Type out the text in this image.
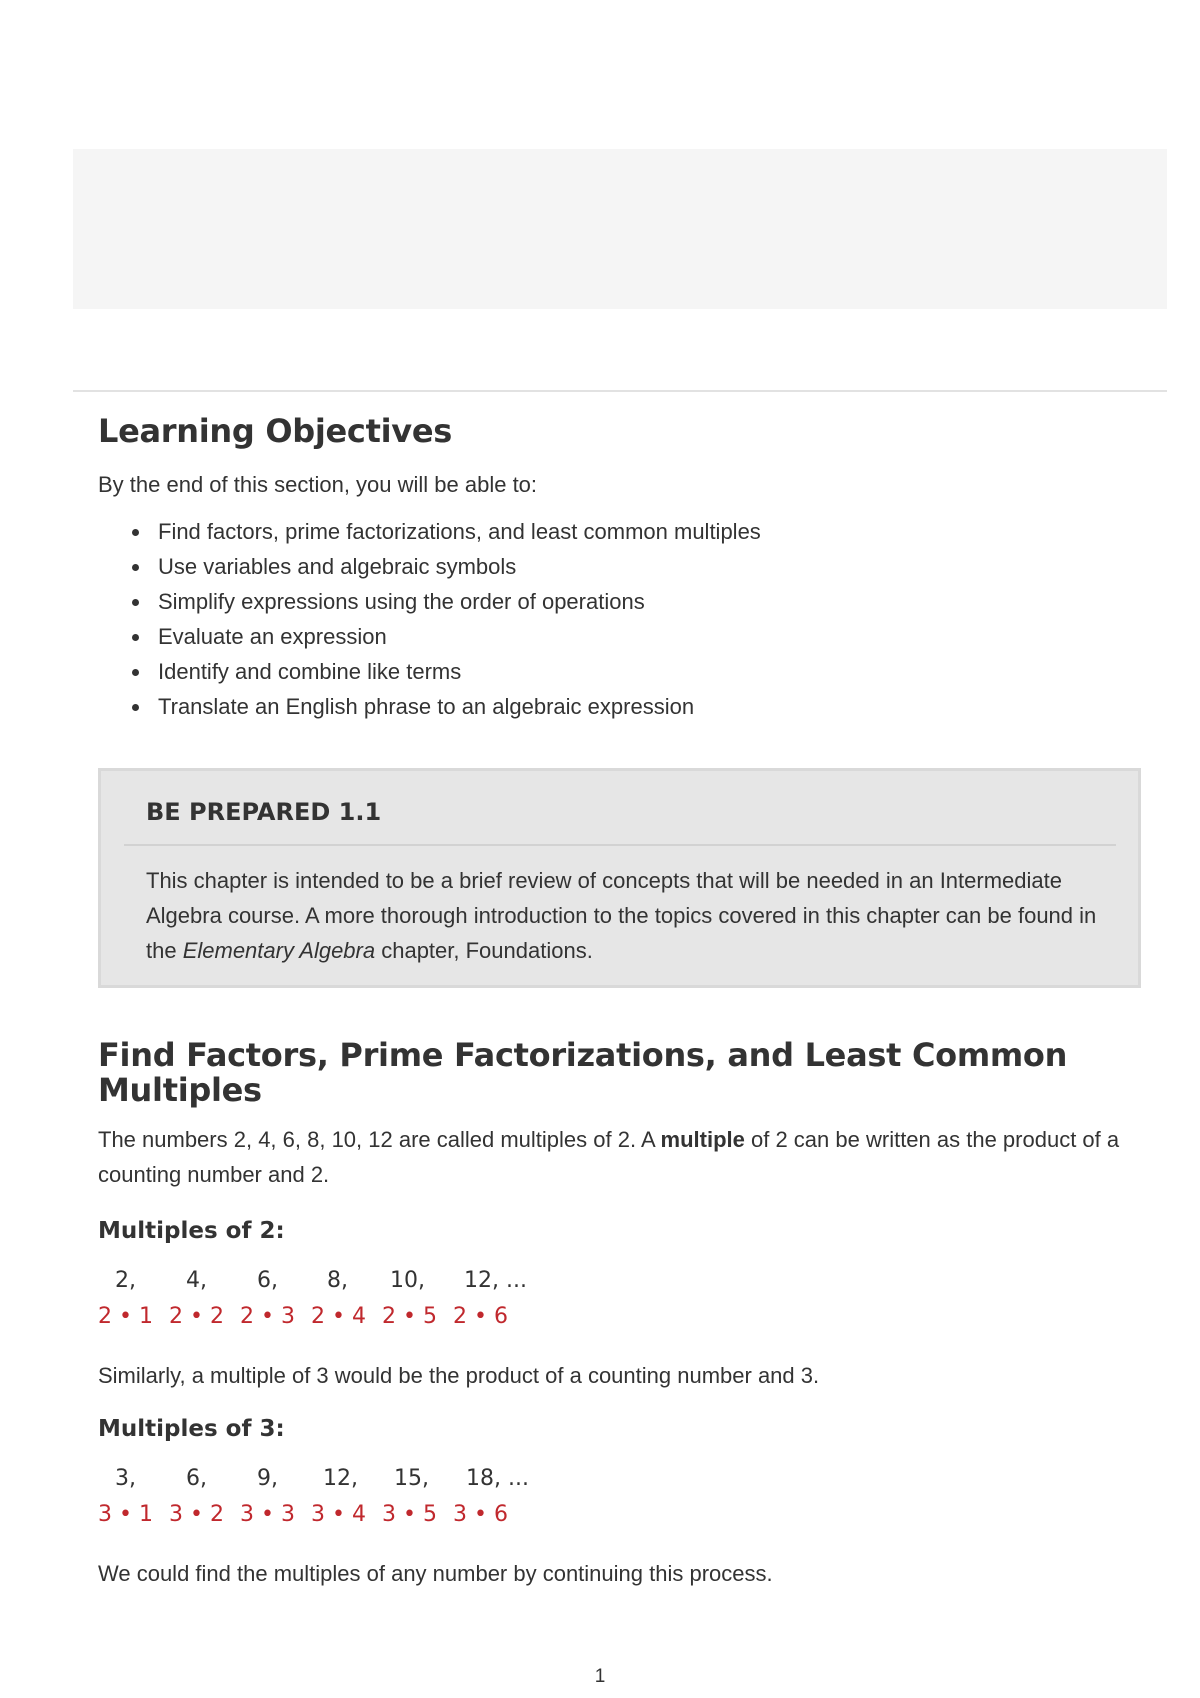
Learning Objectives

By the end of this section, you will be able to:

Find factors, prime factorizations, and least common multiples
Use variables and algebraic symbols
Simplify expressions using the order of operations
Evaluate an expression
Identify and combine like terms
Translate an English phrase to an algebraic expression
BE PREPARED 1.1

This chapter is intended to be a brief review of concepts that will be needed in an Intermediate Algebra course. A more thorough introduction to the topics covered in this chapter can be found in the Elementary Algebra chapter, Foundations.

Find Factors, Prime Factorizations, and Least Common Multiples

The numbers 2, 4, 6, 8, 10, 12 are called multiples of 2. A multiple of 2 can be written as the product of a counting number and 2.

Multiples of 2:
2, 4, 6, 8, 10, 12, ...
2 • 1 2 • 2 2 • 3 2 • 4 2 • 5 2 • 6

Similarly, a multiple of 3 would be the product of a counting number and 3.

Multiples of 3:
3, 6, 9, 12, 15, 18, ...
3 • 1 3 • 2 3 • 3 3 • 4 3 • 5 3 • 6

We could find the multiples of any number by continuing this process.

1
